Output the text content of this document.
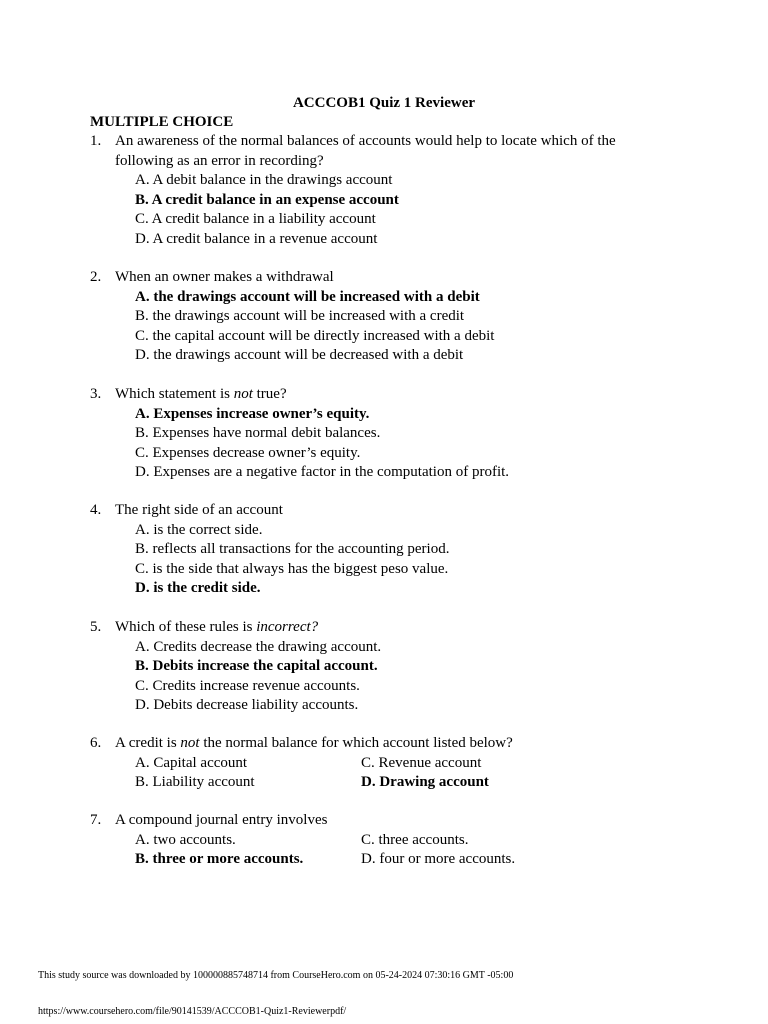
ACCCOB1 Quiz 1 Reviewer
MULTIPLE CHOICE
1. An awareness of the normal balances of accounts would help to locate which of the following as an error in recording?
A. A debit balance in the drawings account
B. A credit balance in an expense account
C. A credit balance in a liability account
D. A credit balance in a revenue account
2. When an owner makes a withdrawal
A. the drawings account will be increased with a debit
B. the drawings account will be increased with a credit
C. the capital account will be directly increased with a debit
D. the drawings account will be decreased with a debit
3. Which statement is not true?
A. Expenses increase owner’s equity.
B. Expenses have normal debit balances.
C. Expenses decrease owner’s equity.
D. Expenses are a negative factor in the computation of profit.
4. The right side of an account
A. is the correct side.
B. reflects all transactions for the accounting period.
C. is the side that always has the biggest peso value.
D. is the credit side.
5. Which of these rules is incorrect?
A. Credits decrease the drawing account.
B. Debits increase the capital account.
C. Credits increase revenue accounts.
D. Debits decrease liability accounts.
6. A credit is not the normal balance for which account listed below?
A. Capital account	C. Revenue account
B. Liability account	D. Drawing account
7. A compound journal entry involves
A. two accounts.	C. three accounts.
B. three or more accounts.	D. four or more accounts.
This study source was downloaded by 100000885748714 from CourseHero.com on 05-24-2024 07:30:16 GMT -05:00
https://www.coursehero.com/file/90141539/ACCCOB1-Quiz1-Reviewerpdf/
